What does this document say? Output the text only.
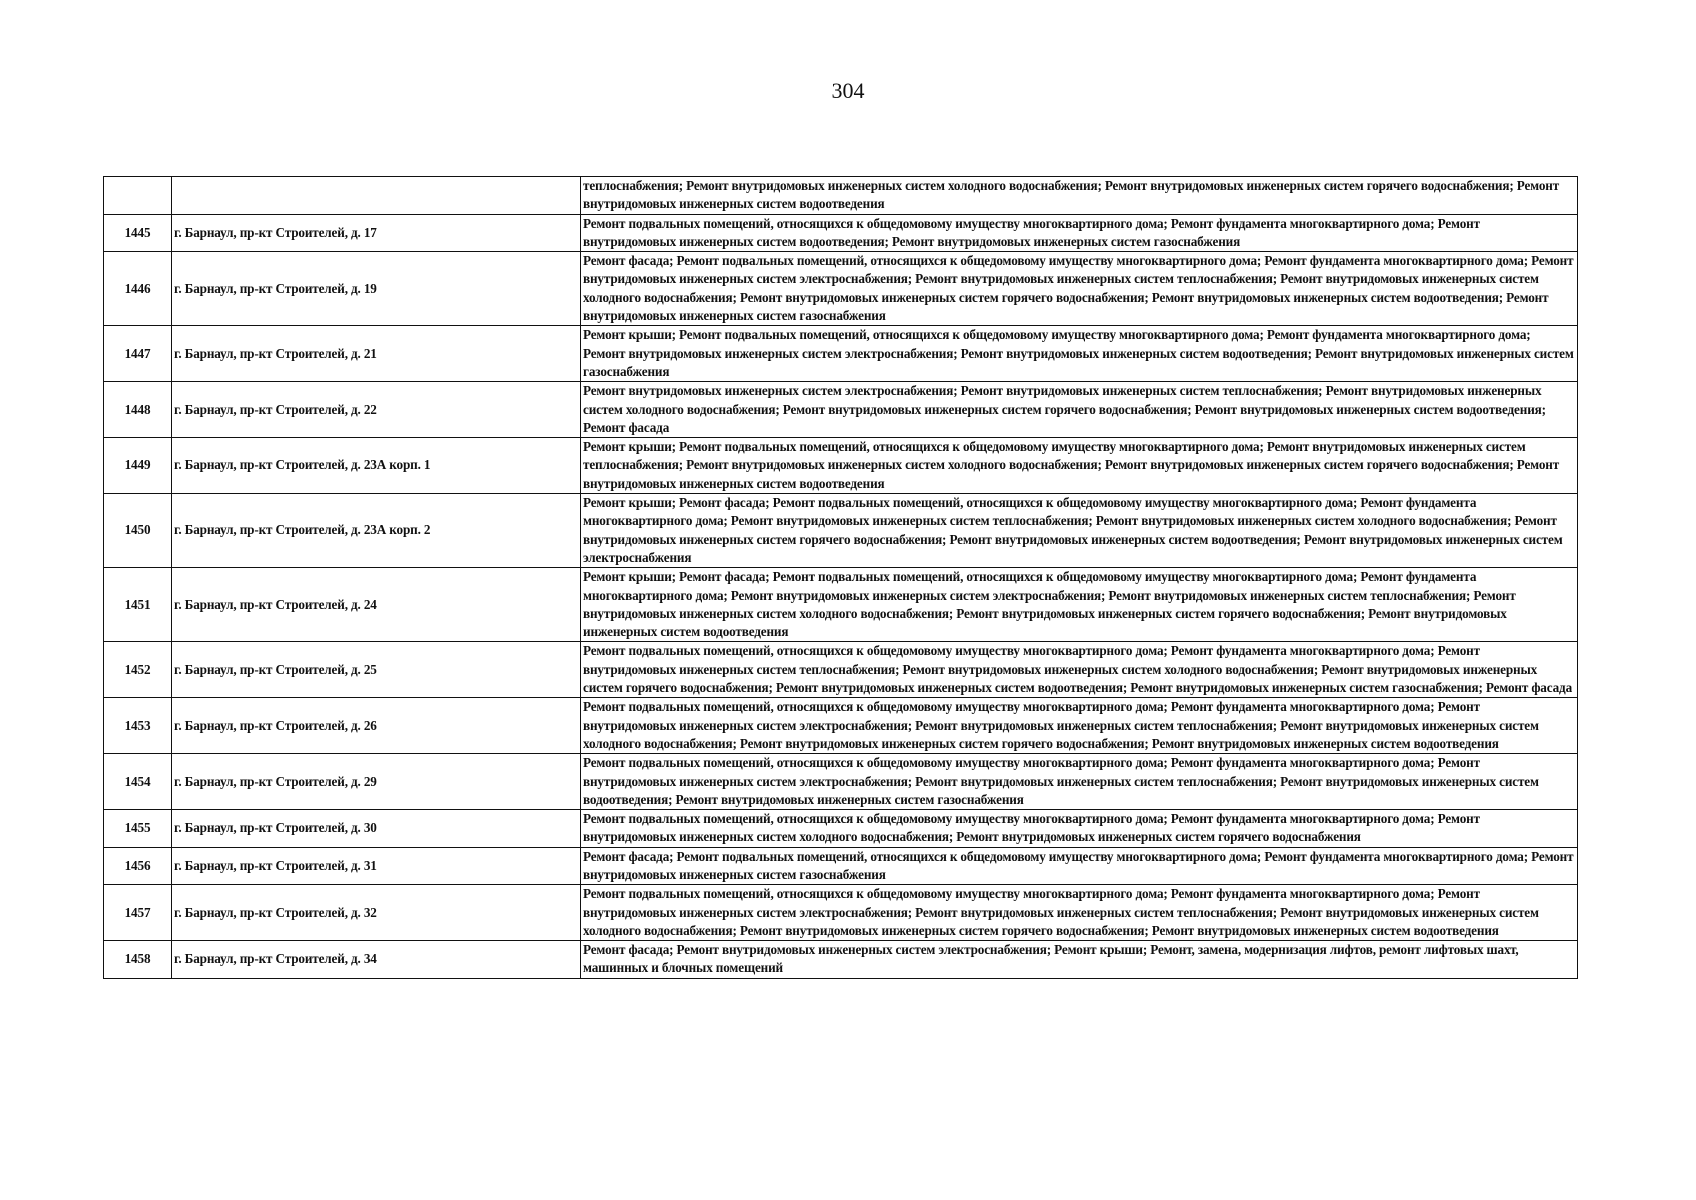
304
		теплоснабжения; Ремонт внутридомовых инженерных систем холодного водоснабжения; Ремонт внутридомовых инженерных систем горячего водоснабжения; Ремонт внутридомовых инженерных систем водоотведения
1445	г. Барнаул, пр-кт Строителей, д. 17	Ремонт подвальных помещений, относящихся к общедомовому имуществу многоквартирного дома; Ремонт фундамента многоквартирного дома; Ремонт внутридомовых инженерных систем водоотведения; Ремонт внутридомовых инженерных систем газоснабжения
1446	г. Барнаул, пр-кт Строителей, д. 19	Ремонт фасада; Ремонт подвальных помещений, относящихся к общедомовому имуществу многоквартирного дома; Ремонт фундамента многоквартирного дома; Ремонт внутридомовых инженерных систем электроснабжения; Ремонт внутридомовых инженерных систем теплоснабжения; Ремонт внутридомовых инженерных систем холодного водоснабжения; Ремонт внутридомовых инженерных систем горячего водоснабжения; Ремонт внутридомовых инженерных систем водоотведения; Ремонт внутридомовых инженерных систем газоснабжения
1447	г. Барнаул, пр-кт Строителей, д. 21	Ремонт крыши; Ремонт подвальных помещений, относящихся к общедомовому имуществу многоквартирного дома; Ремонт фундамента многоквартирного дома; Ремонт внутридомовых инженерных систем электроснабжения; Ремонт внутридомовых инженерных систем водоотведения; Ремонт внутридомовых инженерных систем газоснабжения
1448	г. Барнаул, пр-кт Строителей, д. 22	Ремонт внутридомовых инженерных систем электроснабжения; Ремонт внутридомовых инженерных систем теплоснабжения; Ремонт внутридомовых инженерных систем холодного водоснабжения; Ремонт внутридомовых инженерных систем горячего водоснабжения; Ремонт внутридомовых инженерных систем водоотведения; Ремонт фасада
1449	г. Барнаул, пр-кт Строителей, д. 23А корп. 1	Ремонт крыши; Ремонт подвальных помещений, относящихся к общедомовому имуществу многоквартирного дома; Ремонт внутридомовых инженерных систем теплоснабжения; Ремонт внутридомовых инженерных систем холодного водоснабжения; Ремонт внутридомовых инженерных систем горячего водоснабжения; Ремонт внутридомовых инженерных систем водоотведения
1450	г. Барнаул, пр-кт Строителей, д. 23А корп. 2	Ремонт крыши; Ремонт фасада; Ремонт подвальных помещений, относящихся к общедомовому имуществу многоквартирного дома; Ремонт фундамента многоквартирного дома; Ремонт внутридомовых инженерных систем теплоснабжения; Ремонт внутридомовых инженерных систем холодного водоснабжения; Ремонт внутридомовых инженерных систем горячего водоснабжения; Ремонт внутридомовых инженерных систем водоотведения; Ремонт внутридомовых инженерных систем электроснабжения
1451	г. Барнаул, пр-кт Строителей, д. 24	Ремонт крыши; Ремонт фасада; Ремонт подвальных помещений, относящихся к общедомовому имуществу многоквартирного дома; Ремонт фундамента многоквартирного дома; Ремонт внутридомовых инженерных систем электроснабжения; Ремонт внутридомовых инженерных систем теплоснабжения; Ремонт внутридомовых инженерных систем холодного водоснабжения; Ремонт внутридомовых инженерных систем горячего водоснабжения; Ремонт внутридомовых инженерных систем водоотведения
1452	г. Барнаул, пр-кт Строителей, д. 25	Ремонт подвальных помещений, относящихся к общедомовому имуществу многоквартирного дома; Ремонт фундамента многоквартирного дома; Ремонт внутридомовых инженерных систем теплоснабжения; Ремонт внутридомовых инженерных систем холодного водоснабжения; Ремонт внутридомовых инженерных систем горячего водоснабжения; Ремонт внутридомовых инженерных систем водоотведения; Ремонт внутридомовых инженерных систем газоснабжения; Ремонт фасада
1453	г. Барнаул, пр-кт Строителей, д. 26	Ремонт подвальных помещений, относящихся к общедомовому имуществу многоквартирного дома; Ремонт фундамента многоквартирного дома; Ремонт внутридомовых инженерных систем электроснабжения; Ремонт внутридомовых инженерных систем теплоснабжения; Ремонт внутридомовых инженерных систем холодного водоснабжения; Ремонт внутридомовых инженерных систем горячего водоснабжения; Ремонт внутридомовых инженерных систем водоотведения
1454	г. Барнаул, пр-кт Строителей, д. 29	Ремонт подвальных помещений, относящихся к общедомовому имуществу многоквартирного дома; Ремонт фундамента многоквартирного дома; Ремонт внутридомовых инженерных систем электроснабжения; Ремонт внутридомовых инженерных систем теплоснабжения; Ремонт внутридомовых инженерных систем водоотведения; Ремонт внутридомовых инженерных систем газоснабжения
1455	г. Барнаул, пр-кт Строителей, д. 30	Ремонт подвальных помещений, относящихся к общедомовому имуществу многоквартирного дома; Ремонт фундамента многоквартирного дома; Ремонт внутридомовых инженерных систем холодного водоснабжения; Ремонт внутридомовых инженерных систем горячего водоснабжения
1456	г. Барнаул, пр-кт Строителей, д. 31	Ремонт фасада; Ремонт подвальных помещений, относящихся к общедомовому имуществу многоквартирного дома; Ремонт фундамента многоквартирного дома; Ремонт внутридомовых инженерных систем газоснабжения
1457	г. Барнаул, пр-кт Строителей, д. 32	Ремонт подвальных помещений, относящихся к общедомовому имуществу многоквартирного дома; Ремонт фундамента многоквартирного дома; Ремонт внутридомовых инженерных систем электроснабжения; Ремонт внутридомовых инженерных систем теплоснабжения; Ремонт внутридомовых инженерных систем холодного водоснабжения; Ремонт внутридомовых инженерных систем горячего водоснабжения; Ремонт внутридомовых инженерных систем водоотведения
1458	г. Барнаул, пр-кт Строителей, д. 34	Ремонт фасада; Ремонт внутридомовых инженерных систем электроснабжения; Ремонт крыши; Ремонт, замена, модернизация лифтов, ремонт лифтовых шахт, машинных и блочных помещений
